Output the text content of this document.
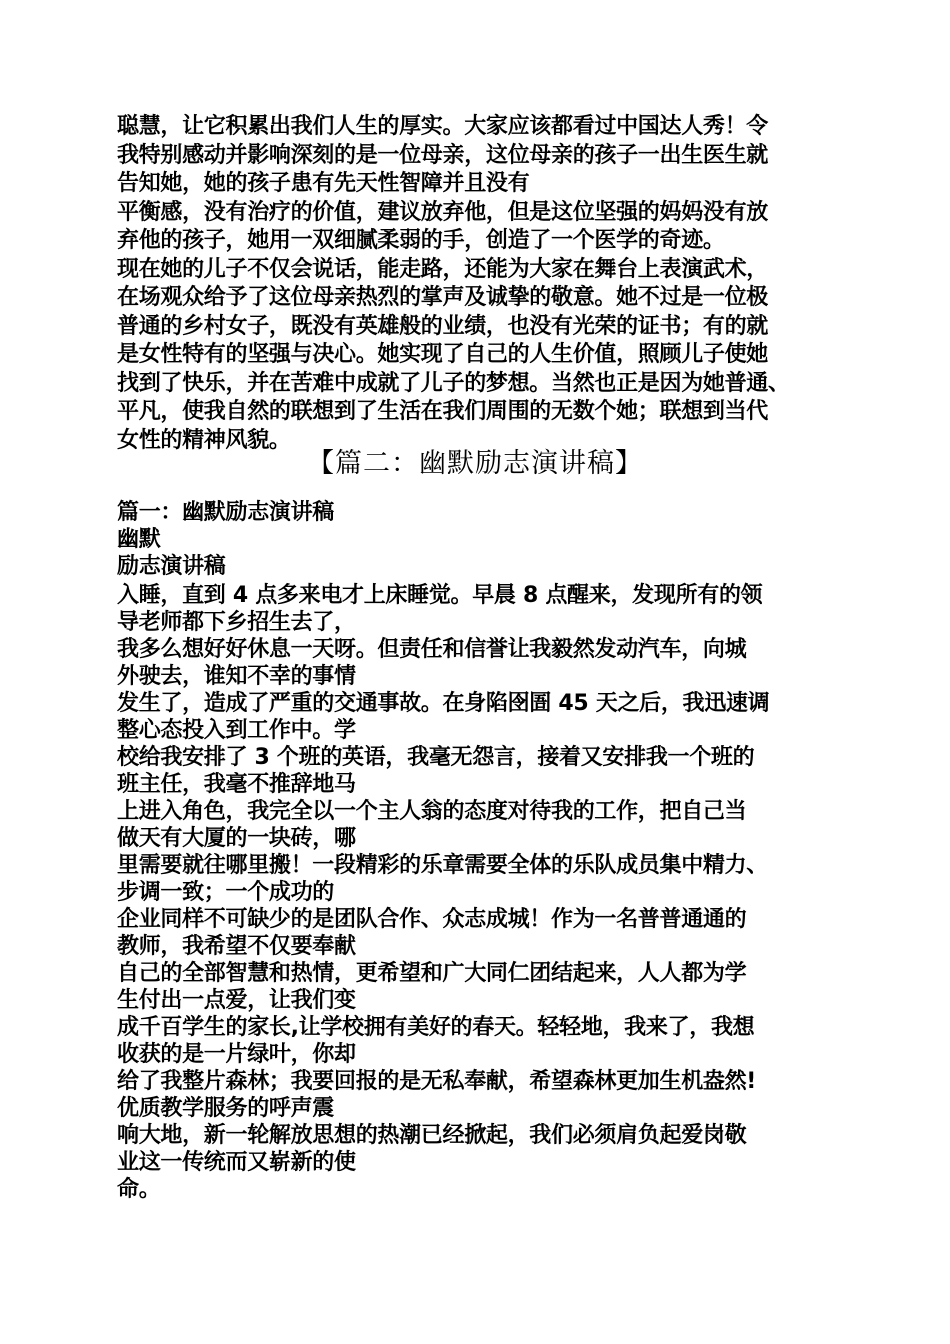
聪慧，让它积累出我们人生的厚实。大家应该都看过中国达人秀！令
我特别感动并影响深刻的是一位母亲，这位母亲的孩子一出生医生就
告知她，她的孩子患有先天性智障并且没有
平衡感，没有治疗的价值，建议放弃他，但是这位坚强的妈妈没有放
弃他的孩子，她用一双细腻柔弱的手，创造了一个医学的奇迹。
现在她的儿子不仅会说话，能走路，还能为大家在舞台上表演武术，
在场观众给予了这位母亲热烈的掌声及诚挚的敬意。她不过是一位极
普通的乡村女子，既没有英雄般的业绩，也没有光荣的证书；有的就
是女性特有的坚强与决心。她实现了自己的人生价值，照顾儿子使她
找到了快乐，并在苦难中成就了儿子的梦想。当然也正是因为她普通、
平凡，使我自然的联想到了生活在我们周围的无数个她；联想到当代
女性的精神风貌。
【篇二：幽默励志演讲稿】
篇一：幽默励志演讲稿
幽默
励志演讲稿
入睡，直到 4 点多来电才上床睡觉。早晨 8 点醒来，发现所有的领
导老师都下乡招生去了，
我多么想好好休息一天呀。但责任和信誉让我毅然发动汽车，向城
外驶去，谁知不幸的事情
发生了，造成了严重的交通事故。在身陷囹圄 45 天之后，我迅速调
整心态投入到工作中。学
校给我安排了 3 个班的英语，我毫无怨言，接着又安排我一个班的
班主任，我毫不推辞地马
上进入角色，我完全以一个主人翁的态度对待我的工作，把自己当
做天有大厦的一块砖，哪
里需要就往哪里搬！一段精彩的乐章需要全体的乐队成员集中精力、
步调一致；一个成功的
企业同样不可缺少的是团队合作、众志成城！作为一名普普通通的
教师，我希望不仅要奉献
自己的全部智慧和热情，更希望和广大同仁团结起来，人人都为学
生付出一点爱，让我们变
成千百学生的家长,让学校拥有美好的春天。轻轻地，我来了，我想
收获的是一片绿叶，你却
给了我整片森林；我要回报的是无私奉献，希望森林更加生机盎然!
优质教学服务的呼声震
响大地，新一轮解放思想的热潮已经掀起，我们必须肩负起爱岗敬
业这一传统而又崭新的使
命。
